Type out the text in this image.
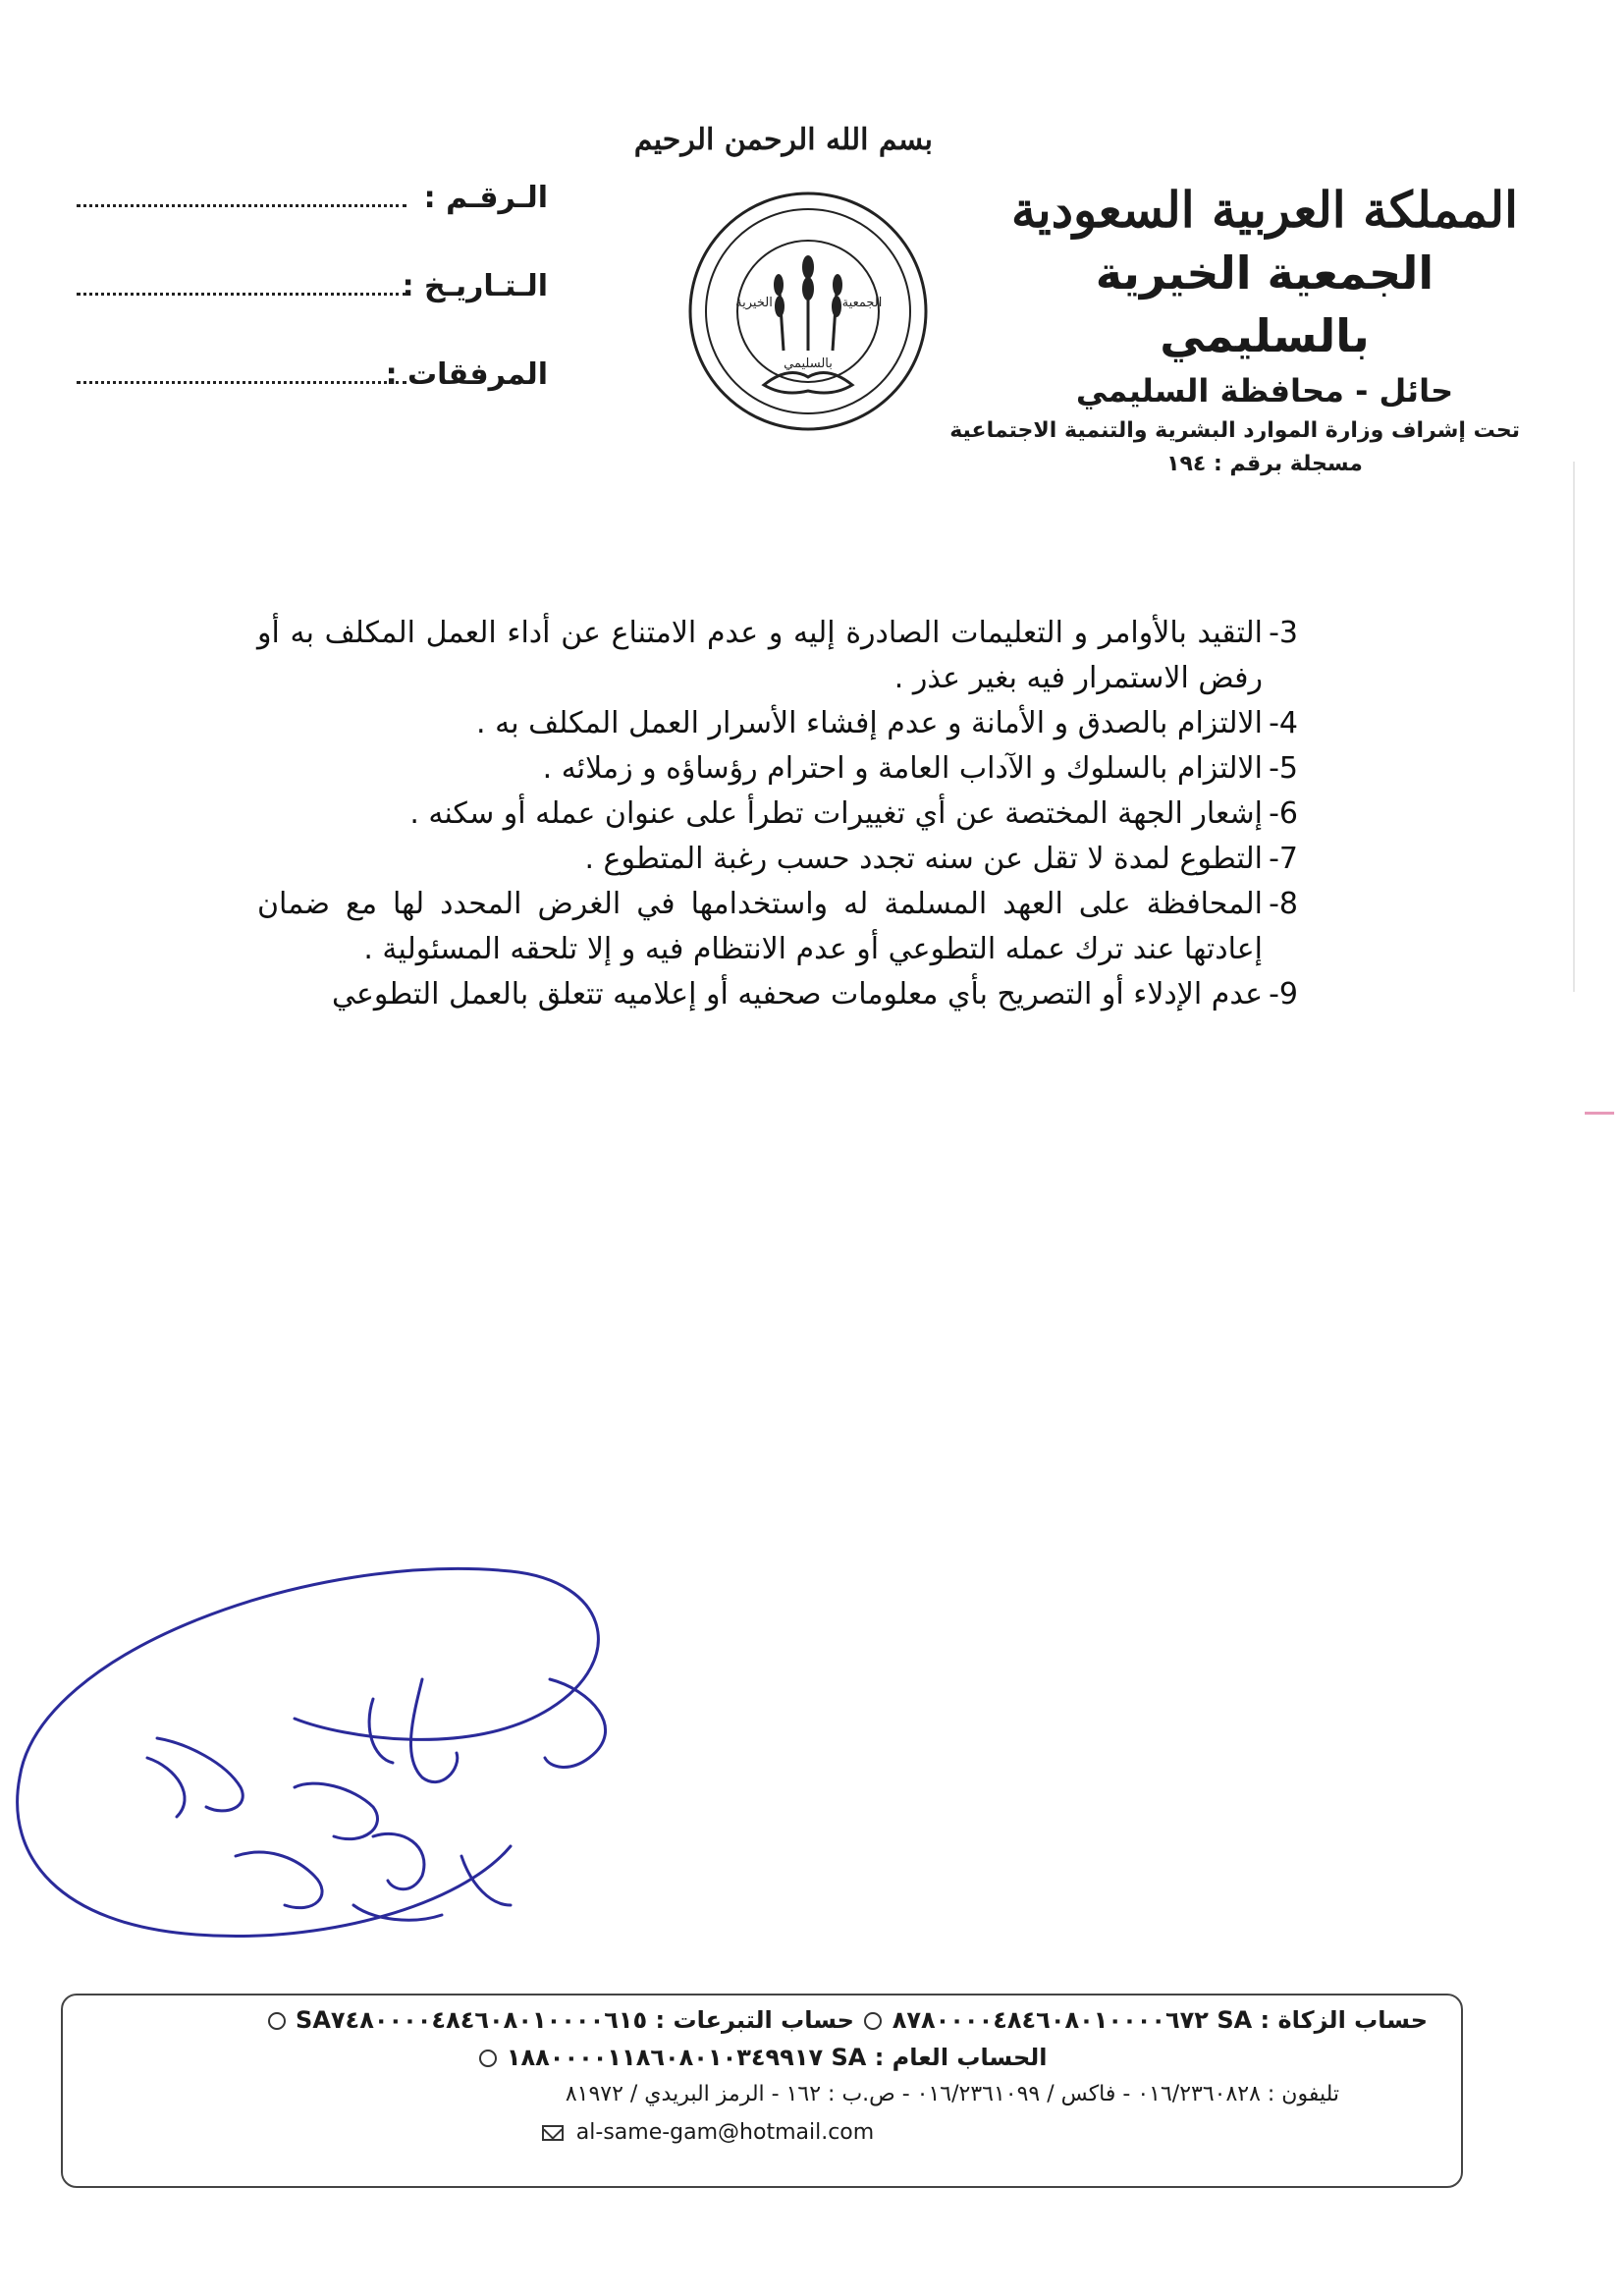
بسم الله الرحمن الرحيم
المملكة العربية السعودية
الجمعية الخيرية بالسليمي
حائل - محافظة السليمي
تحت إشراف وزارة الموارد البشرية والتنمية الاجتماعية
مسجلة برقم : ١٩٤
الخيرية	الجمعية
بالسليمي
الـرقـم :
الـتـاريـخ :
المرفقات :
3-
التقيد بالأوامر و التعليمات الصادرة إليه و عدم الامتناع عن أداء العمل المكلف به أو رفض الاستمرار فيه بغير عذر .
4-
الالتزام بالصدق و الأمانة و عدم إفشاء الأسرار العمل المكلف به .
5-
الالتزام بالسلوك و الآداب العامة و احترام رؤساؤه و زملائه .
6-
إشعار الجهة المختصة عن أي تغييرات تطرأ على عنوان عمله أو سكنه .
7-
التطوع لمدة لا تقل عن سنه تجدد حسب رغبة المتطوع .
8-
المحافظة على العهد المسلمة له واستخدامها في الغرض المحدد لها مع ضمان إعادتها عند ترك عمله التطوعي أو عدم الانتظام فيه و إلا تلحقه المسئولية .
9-
عدم الإدلاء أو التصريح بأي معلومات صحفيه أو إعلاميه تتعلق بالعمل التطوعي
حساب الزكاة : SA ٨٧٨٠٠٠٠٤٨٤٦٠٨٠١٠٠٠٠٦٧٢  حساب التبرعات : SA٧٤٨٠٠٠٠٤٨٤٦٠٨٠١٠٠٠٠٦١٥
الحساب العام : SA ١٨٨٠٠٠٠١١٨٦٠٨٠١٠٣٤٩٩١٧
تليفون : ٠١٦/٢٣٦٠٨٢٨ - فاكس / ٠١٦/٢٣٦١٠٩٩ - ص.ب : ١٦٢ - الرمز البريدي / ٨١٩٧٢
al-same-gam@hotmail.com
